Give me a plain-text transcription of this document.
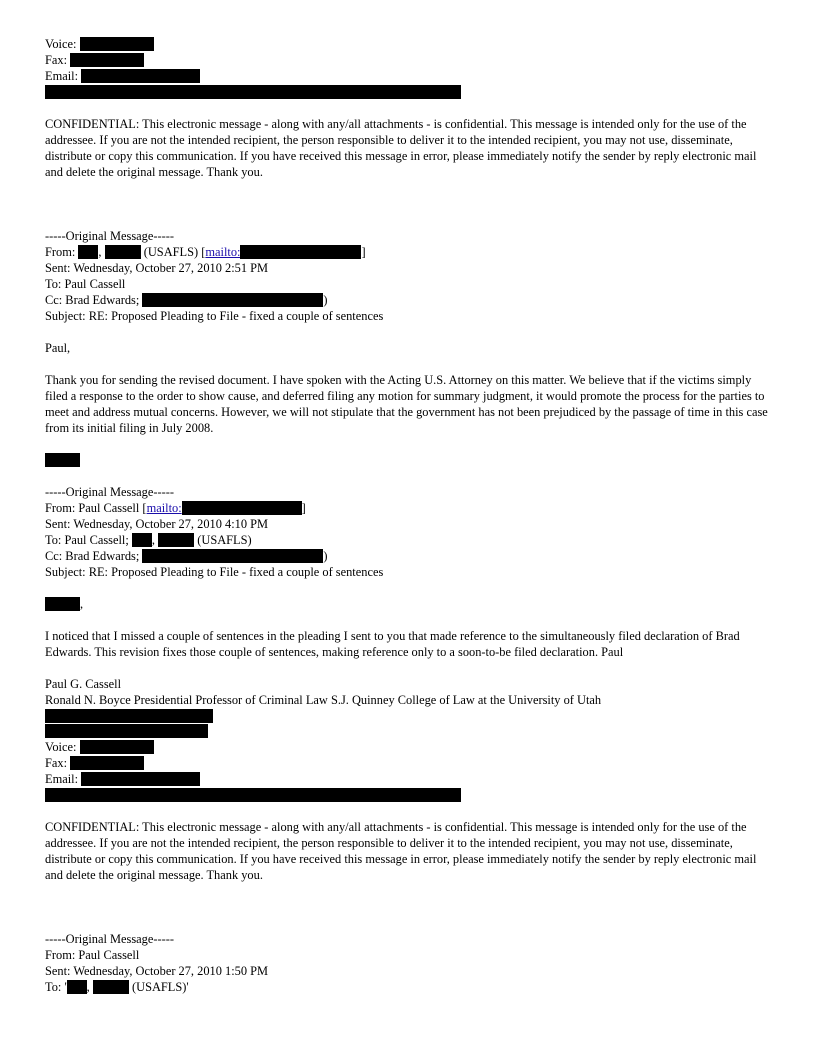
Voice:
Fax:
Email:
CONFIDENTIAL: This electronic message - along with any/all attachments - is confidential. This message is intended only for the use of the addressee. If you are not the intended recipient, the person responsible to deliver it to the intended recipient, you may not use, disseminate, distribute or copy this communication. If you have received this message in error, please immediately notify the sender by reply electronic mail and delete the original message. Thank you.
-----Original Message-----
From: ,	(USAFLS) [mailto:	]
Sent: Wednesday, October 27, 2010 2:51 PM
To: Paul Cassell
Cc: Brad Edwards;	)
Subject: RE: Proposed Pleading to File - fixed a couple of sentences
Paul,
Thank you for sending the revised document. I have spoken with the Acting U.S. Attorney on this matter. We believe that if the victims simply filed a response to the order to show cause, and deferred filing any motion for summary judgment, it would promote the process for the parties to meet and address mutual concerns. However, we will not stipulate that the government has not been prejudiced by the passage of time in this case from its initial filing in July 2008.
-----Original Message-----
From: Paul Cassell [mailto:	]
Sent: Wednesday, October 27, 2010 4:10 PM
To: Paul Cassell; ,	(USAFLS)
Cc: Brad Edwards;	)
Subject: RE: Proposed Pleading to File - fixed a couple of sentences
,
I noticed that I missed a couple of sentences in the pleading I sent to you that made reference to the simultaneously filed declaration of Brad Edwards. This revision fixes those couple of sentences, making reference only to a soon-to-be filed declaration. Paul
Paul G. Cassell
Ronald N. Boyce Presidential Professor of Criminal Law S.J. Quinney College of Law at the University of Utah
Voice:
Fax:
Email:
CONFIDENTIAL: This electronic message - along with any/all attachments - is confidential. This message is intended only for the use of the addressee. If you are not the intended recipient, the person responsible to deliver it to the intended recipient, you may not use, disseminate, distribute or copy this communication. If you have received this message in error, please immediately notify the sender by reply electronic mail and delete the original message. Thank you.
-----Original Message-----
From: Paul Cassell
Sent: Wednesday, October 27, 2010 1:50 PM
To: ' ,	(USAFLS)'
